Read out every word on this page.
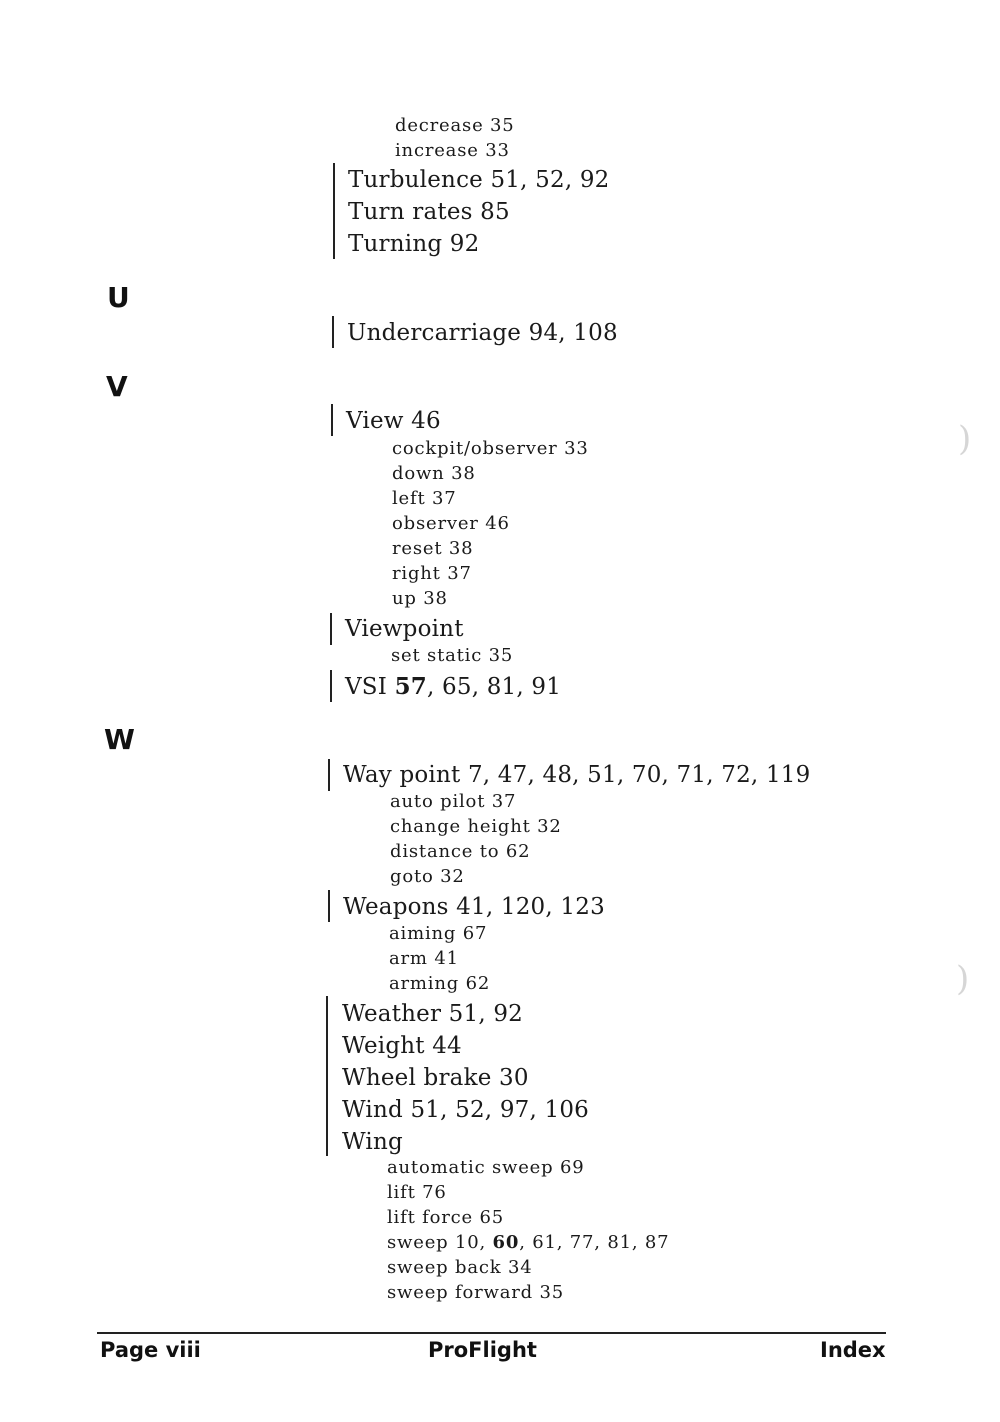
U
V
W
decrease 35
increase 33
Turbulence 51, 52, 92
Turn rates 85
Turning 92
Undercarriage 94, 108
View 46
cockpit/observer 33
down 38
left 37
observer 46
reset 38
right 37
up 38
Viewpoint
set static 35
VSI 57, 65, 81, 91
Way point 7, 47, 48, 51, 70, 71, 72, 119
auto pilot 37
change height 32
distance to 62
goto 32
Weapons 41, 120, 123
aiming 67
arm 41
arming 62
Weather 51, 92
Weight 44
Wheel brake 30
Wind 51, 52, 97, 106
Wing
automatic sweep 69
lift 76
lift force 65
sweep 10, 60, 61, 77, 81, 87
sweep back 34
sweep forward 35
)
)
Page viii	ProFlight	Index
